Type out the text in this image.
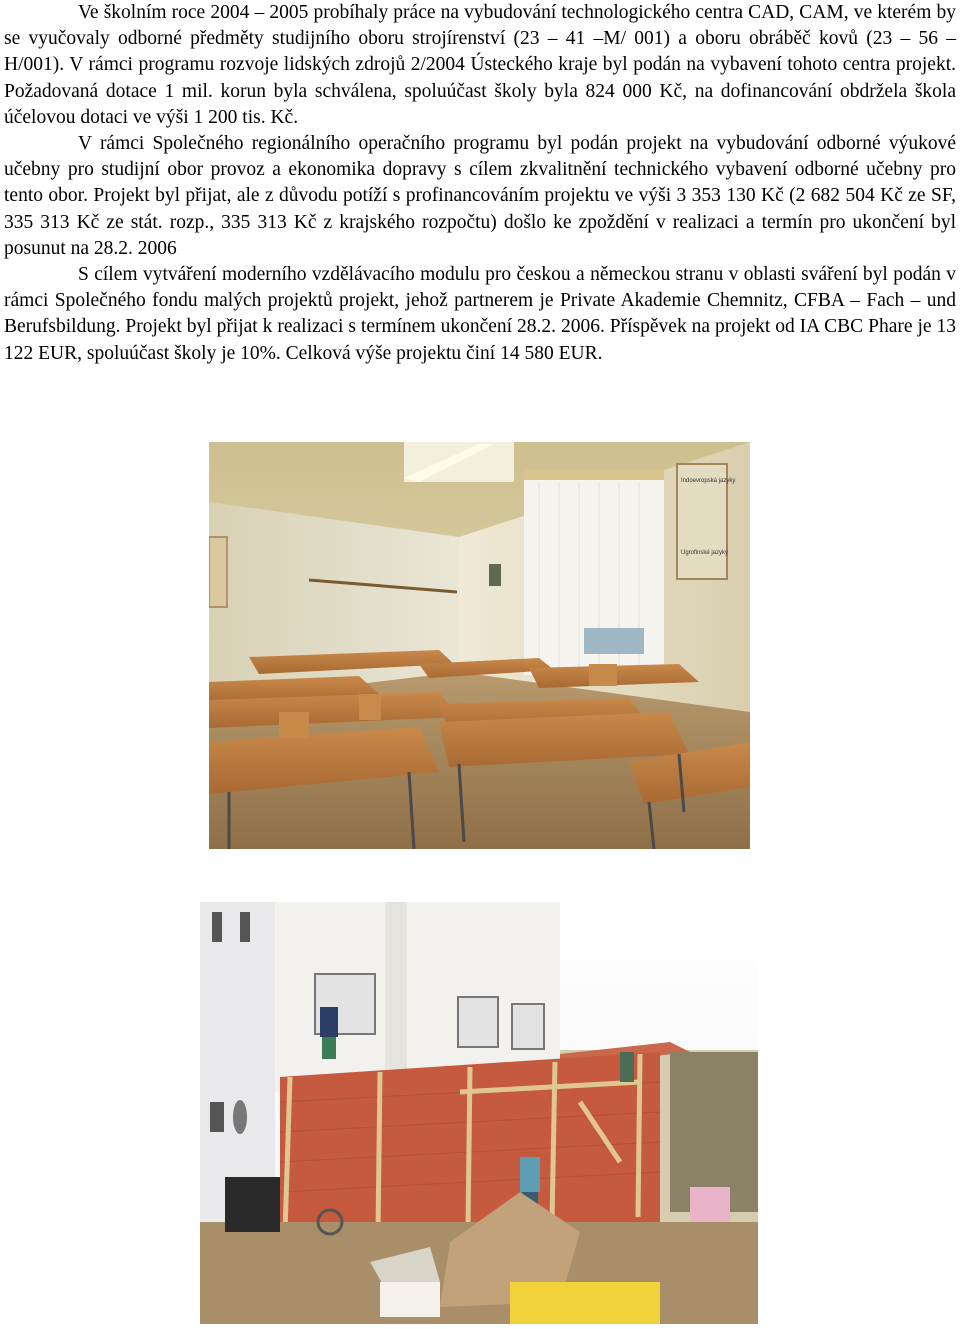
Ve školním roce 2004 – 2005 probíhaly práce na vybudování technologického centra CAD, CAM, ve kterém by se vyučovaly odborné předměty studijního oboru strojírenství (23 – 41 –M/ 001) a oboru obráběč kovů (23 – 56 – H/001). V rámci programu rozvoje lidských zdrojů 2/2004 Ústeckého kraje byl podán na vybavení tohoto centra projekt. Požadovaná dotace 1 mil. korun byla schválena, spoluúčast školy byla 824 000 Kč, na dofinancování obdržela škola účelovou dotaci ve výši 1 200 tis. Kč.

V rámci Společného regionálního operačního programu byl podán projekt na vybudování odborné výukové učebny pro studijní obor provoz a ekonomika dopravy s cílem zkvalitnění technického vybavení odborné učebny pro tento obor. Projekt byl přijat, ale z důvodu potíží s profinancováním projektu ve výši 3 353 130 Kč (2 682 504 Kč ze SF, 335 313 Kč ze stát. rozp., 335 313 Kč z krajského rozpočtu) došlo ke zpoždění v realizaci a termín pro ukončení byl posunut na 28.2. 2006

S cílem vytváření moderního vzdělávacího modulu pro českou a německou stranu v oblasti sváření byl podán v rámci Společného fondu malých projektů projekt, jehož partnerem je Private Akademie Chemnitz, CFBA – Fach – und Berufsbildung. Projekt byl přijat k realizaci s termínem ukončení 28.2. 2006. Příspěvek na projekt od IA CBC Phare je 13 122 EUR, spoluúčast školy je 10%. Celková výše projektu činí 14 580 EUR.

Indoevropská jazyky
Ugrofinské jazyky
